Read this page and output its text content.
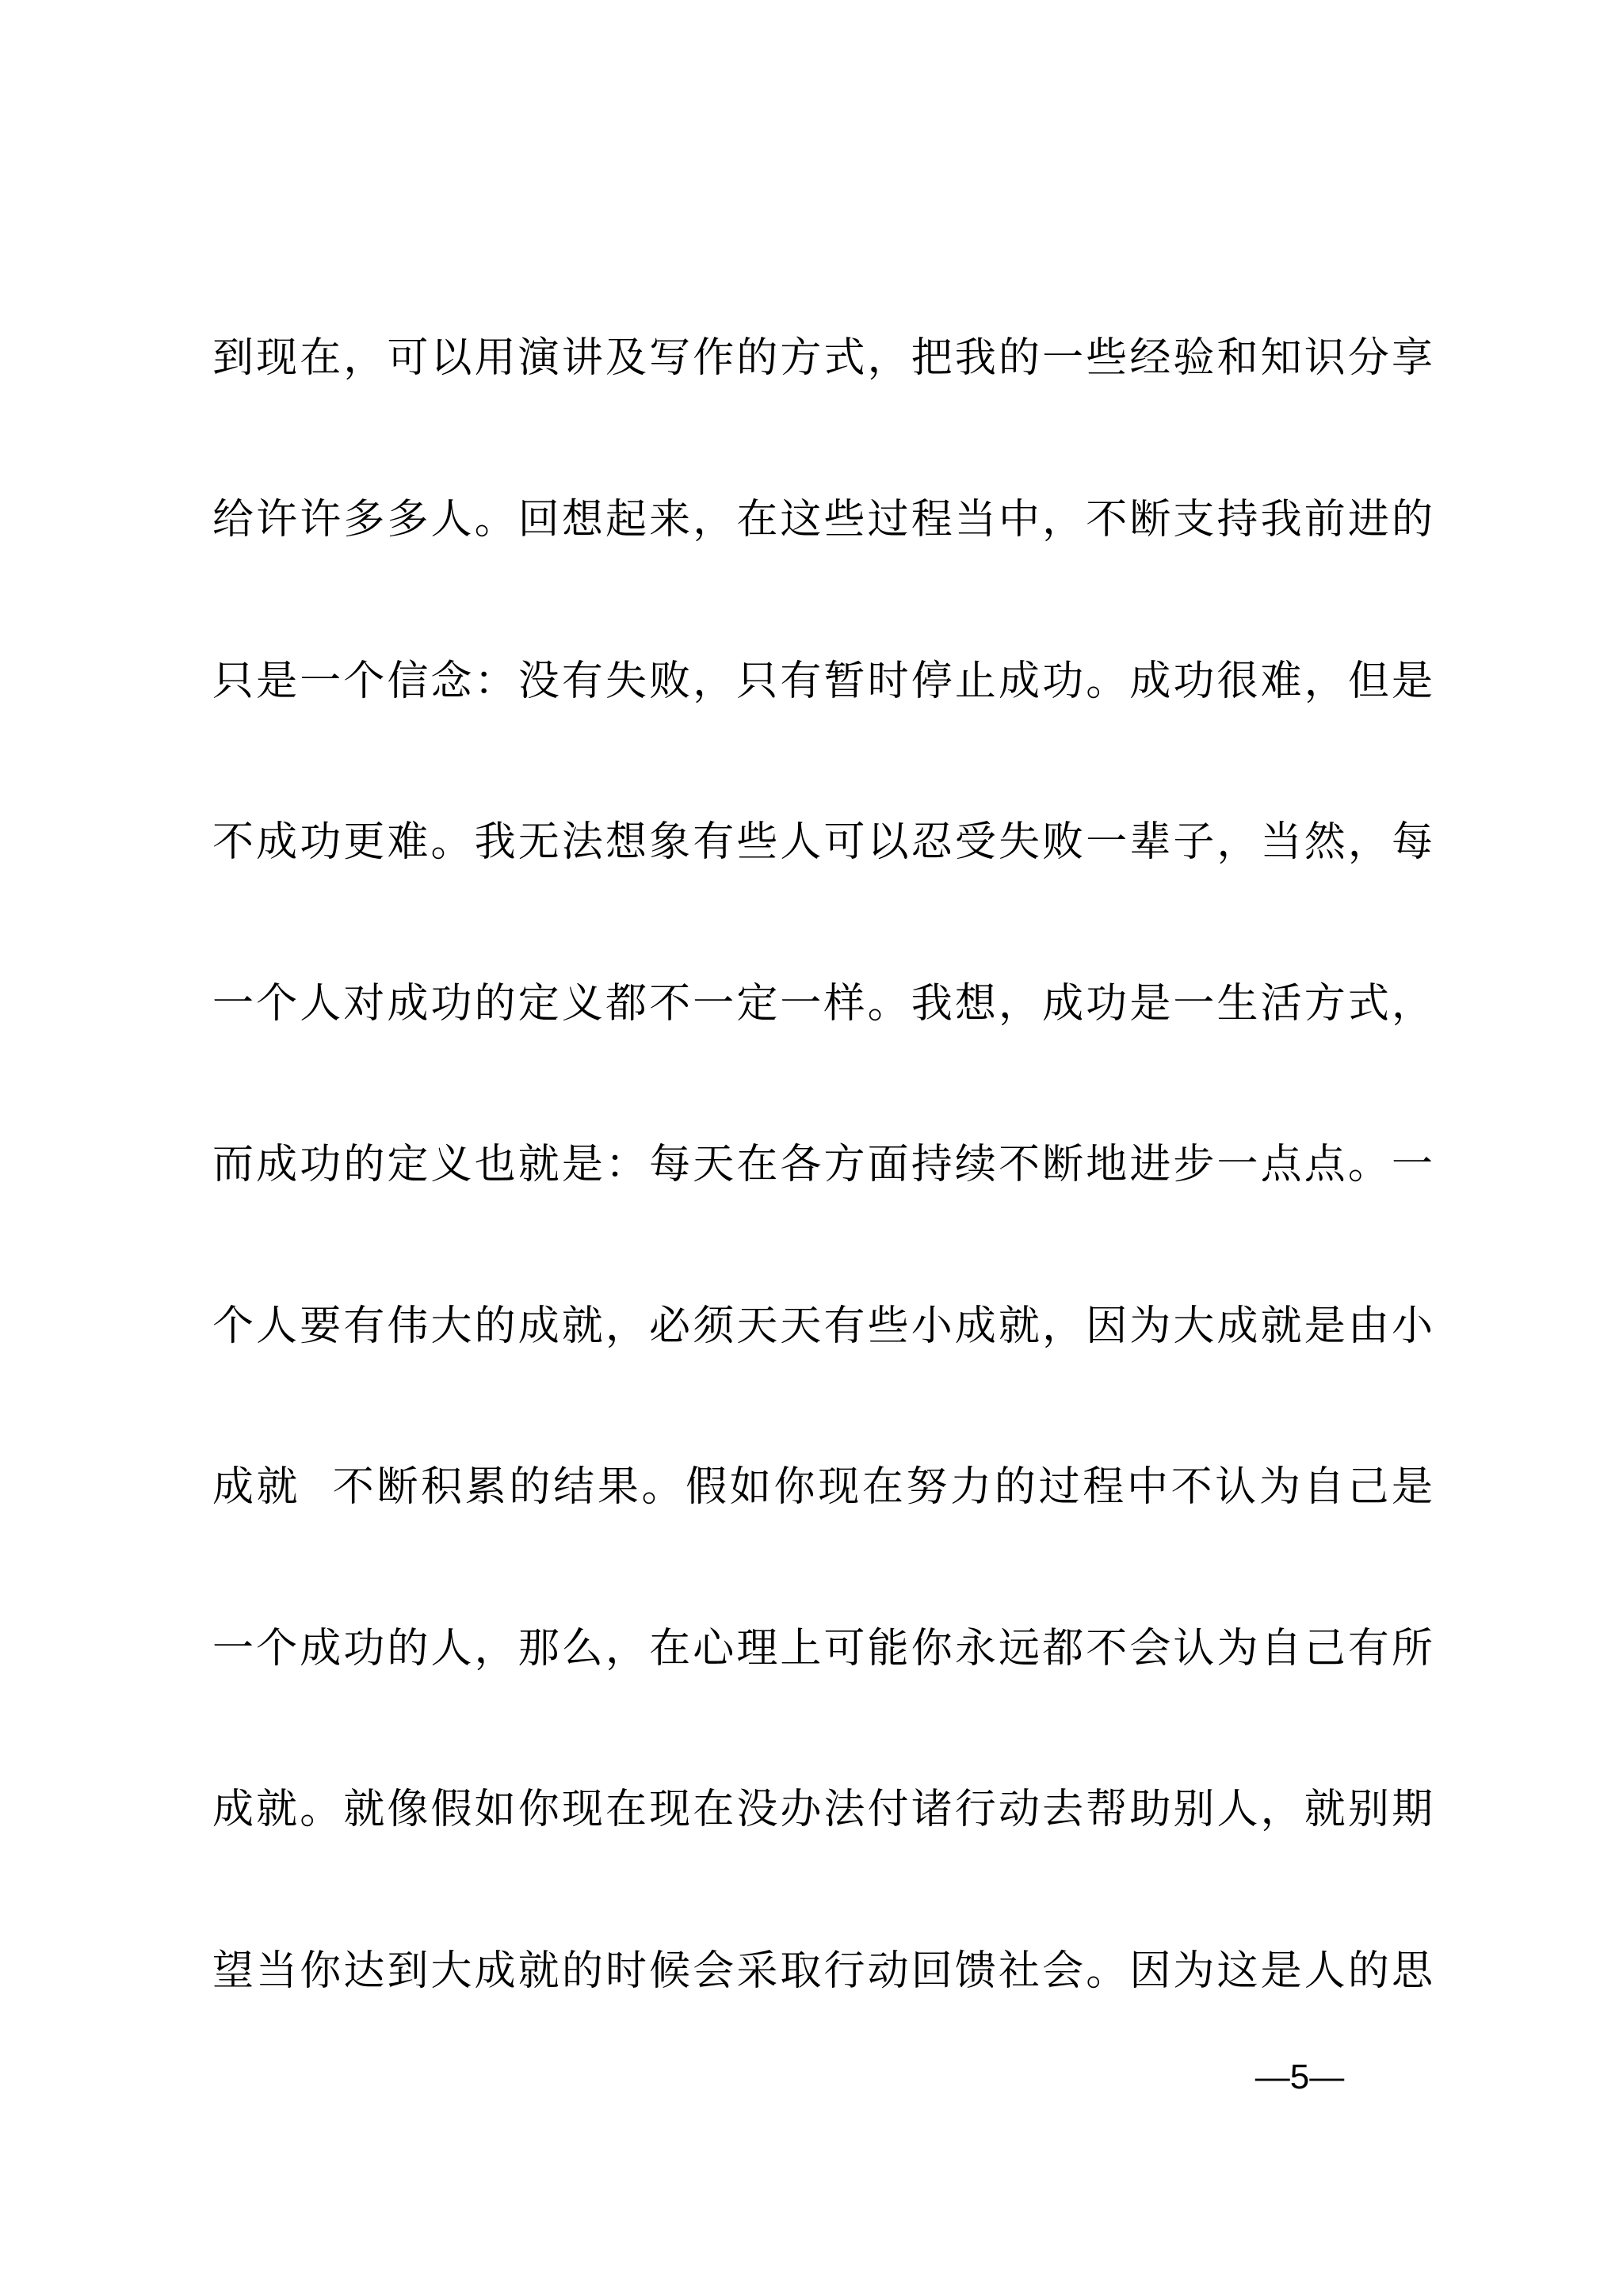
到现在，可以用演讲及写作的方式，把我的一些经验和知识分享
给许许多多人。回想起来，在这些过程当中，不断支持我前进的
只是一个信念：没有失败，只有暂时停止成功。成功很难，但是
不成功更难。我无法想象有些人可以忍受失败一辈子，当然，每
一个人对成功的定义都不一定一样。我想，成功是一生活方式，
而成功的定义也就是：每天在各方面持续不断地进步一点点。一
个人要有伟大的成就，必须天天有些小成就，因为大成就是由小
成就  不断积累的结果。假如你现在努力的过程中不认为自己是
一个成功的人，那么，在心理上可能你永远都不会认为自己有所
成就。就像假如你现在现在没办法付诸行动去帮助别人，就别期
望当你达到大成就的时候会采取行动回馈社会。因为这是人的思
—5—
